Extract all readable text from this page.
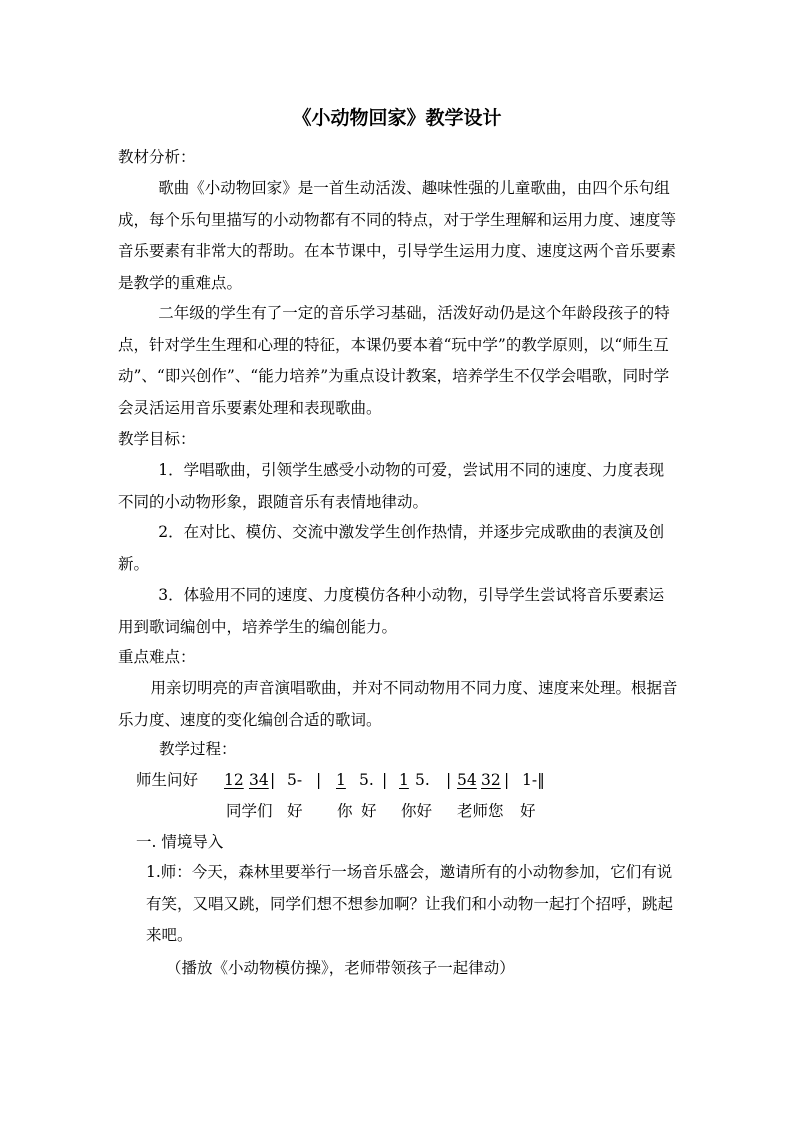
《小动物回家》教学设计

教材分析：

歌曲《小动物回家》是一首生动活泼、趣味性强的儿童歌曲，由四个乐句组成，每个乐句里描写的小动物都有不同的特点，对于学生理解和运用力度、速度等音乐要素有非常大的帮助。在本节课中，引导学生运用力度、速度这两个音乐要素是教学的重难点。

二年级的学生有了一定的音乐学习基础，活泼好动仍是这个年龄段孩子的特点，针对学生生理和心理的特征，本课仍要本着“玩中学”的教学原则，以“师生互动”、“即兴创作”、“能力培养”为重点设计教案，培养学生不仅学会唱歌，同时学会灵活运用音乐要素处理和表现歌曲。

教学目标：

1．学唱歌曲，引领学生感受小动物的可爱，尝试用不同的速度、力度表现不同的小动物形象，跟随音乐有表情地律动。

2．在对比、模仿、交流中激发学生创作热情，并逐步完成歌曲的表演及创新。

3．体验用不同的速度、力度模仿各种小动物，引导学生尝试将音乐要素运用到歌词编创中，培养学生的编创能力。

重点难点：

用亲切明亮的声音演唱歌曲，并对不同动物用不同力度、速度来处理。根据音乐力度、速度的变化编创合适的歌词。

教学过程：
师生问好 12 34 | 5- | 1 5. | 1 5. | 54 32 | 1-‖
同学们 好 你 好 你好 老师您 好
一. 情境导入

1.师：今天，森林里要举行一场音乐盛会，邀请所有的小动物参加，它们有说有笑，又唱又跳，同学们想不想参加啊？让我们和小动物一起打个招呼，跳起来吧。

（播放《小动物模仿操》，老师带领孩子一起律动）
